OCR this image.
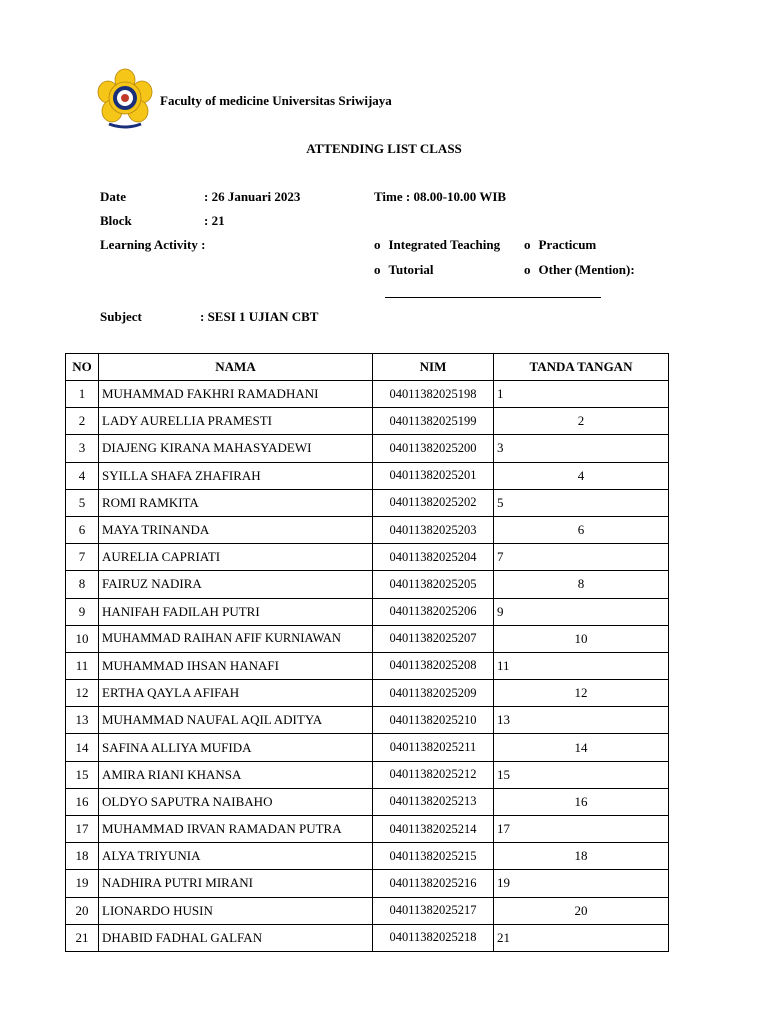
Faculty of medicine Universitas Sriwijaya
ATTENDING LIST CLASS
Date	: 26 Januari 2023	Time : 08.00-10.00 WIB
Block	: 21
Learning Activity :	o Integrated Teaching o Practicum
o Tutorial	o Other (Mention):
Subject	: SESI 1 UJIAN CBT
NO	NAMA	NIM	TANDA TANGAN
1	MUHAMMAD FAKHRI RAMADHANI	04011382025198	1
2	LADY AURELLIA PRAMESTI	04011382025199	2
3	DIAJENG KIRANA MAHASYADEWI	04011382025200	3
4	SYILLA SHAFA ZHAFIRAH	04011382025201	4
5	ROMI RAMKITA	04011382025202	5
6	MAYA TRINANDA	04011382025203	6
7	AURELIA CAPRIATI	04011382025204	7
8	FAIRUZ NADIRA	04011382025205	8
9	HANIFAH FADILAH PUTRI	04011382025206	9
10	MUHAMMAD RAIHAN AFIF KURNIAWAN	04011382025207	10
11	MUHAMMAD IHSAN HANAFI	04011382025208	11
12	ERTHA QAYLA AFIFAH	04011382025209	12
13	MUHAMMAD NAUFAL AQIL ADITYA	04011382025210	13
14	SAFINA ALLIYA MUFIDA	04011382025211	14
15	AMIRA RIANI KHANSA	04011382025212	15
16	OLDYO SAPUTRA NAIBAHO	04011382025213	16
17	MUHAMMAD IRVAN RAMADAN PUTRA	04011382025214	17
18	ALYA TRIYUNIA	04011382025215	18
19	NADHIRA PUTRI MIRANI	04011382025216	19
20	LIONARDO HUSIN	04011382025217	20
21	DHABID FADHAL GALFAN	04011382025218	21
